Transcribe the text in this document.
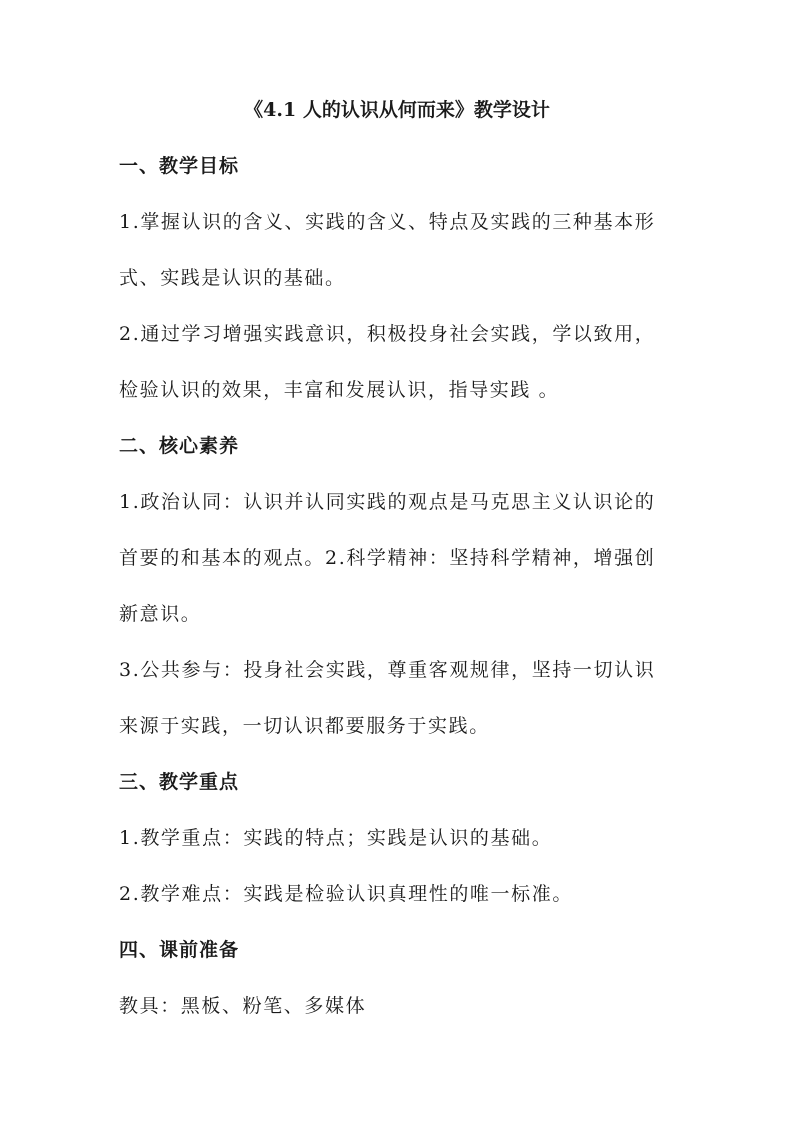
《4.1 人的认识从何而来》教学设计
一、教学目标
1.掌握认识的含义、实践的含义、特点及实践的三种基本形
式、实践是认识的基础。
2.通过学习增强实践意识，积极投身社会实践，学以致用，
检验认识的效果，丰富和发展认识，指导实践 。
二、核心素养
1.政治认同：认识并认同实践的观点是马克思主义认识论的
首要的和基本的观点。2.科学精神：坚持科学精神，增强创
新意识。
3.公共参与：投身社会实践，尊重客观规律，坚持一切认识
来源于实践，一切认识都要服务于实践。
三、教学重点
1.教学重点：实践的特点；实践是认识的基础。
2.教学难点：实践是检验认识真理性的唯一标准。
四、课前准备
教具：黑板、粉笔、多媒体
